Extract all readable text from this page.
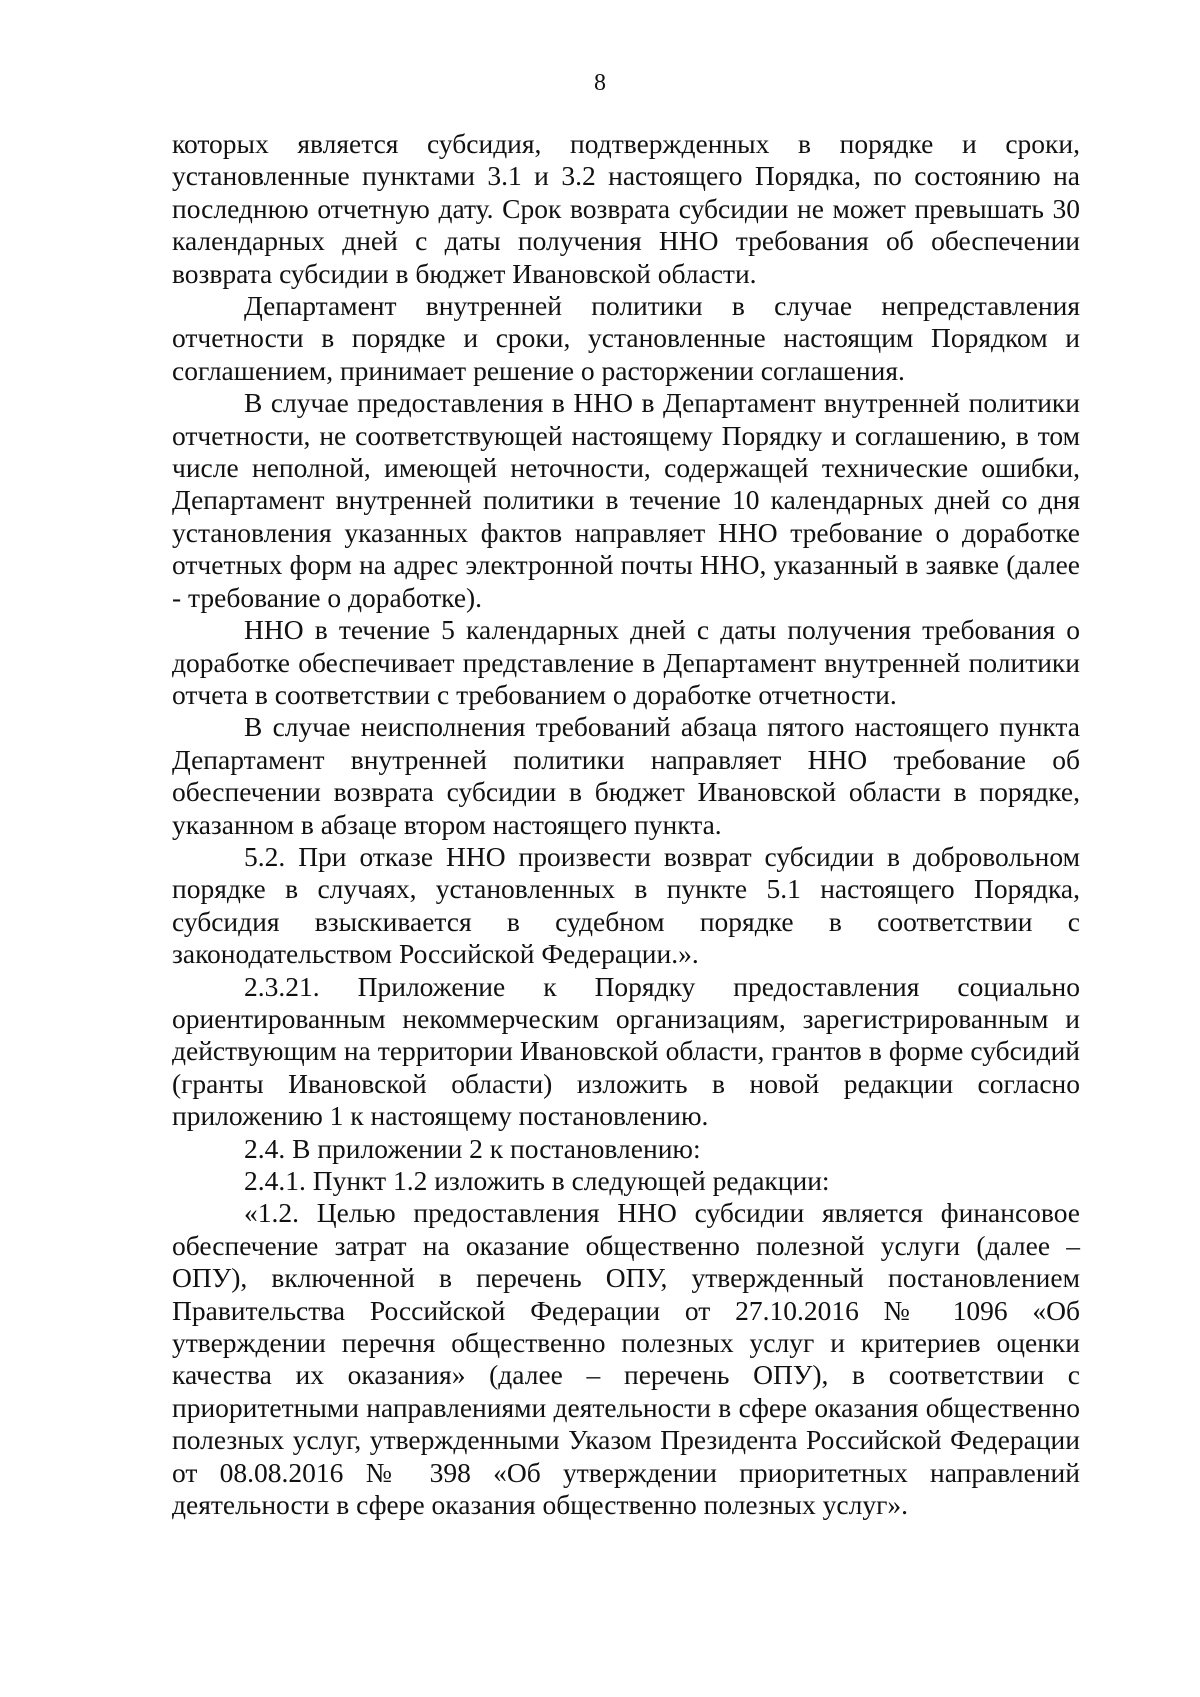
8

которых является субсидия, подтвержденных в порядке и сроки, установленные пунктами 3.1 и 3.2 настоящего Порядка, по состоянию на последнюю отчетную дату. Срок возврата субсидии не может превышать 30 календарных дней с даты получения ННО требования об обеспечении возврата субсидии в бюджет Ивановской области.

Департамент внутренней политики в случае непредставления отчетности в порядке и сроки, установленные настоящим Порядком и соглашением, принимает решение о расторжении соглашения.

В случае предоставления в ННО в Департамент внутренней политики отчетности, не соответствующей настоящему Порядку и соглашению, в том числе неполной, имеющей неточности, содержащей технические ошибки, Департамент внутренней политики в течение 10 календарных дней со дня установления указанных фактов направляет ННО требование о доработке отчетных форм на адрес электронной почты ННО, указанный в заявке (далее - требование о доработке).

ННО в течение 5 календарных дней с даты получения требования о доработке обеспечивает представление в Департамент внутренней политики отчета в соответствии с требованием о доработке отчетности.

В случае неисполнения требований абзаца пятого настоящего пункта Департамент внутренней политики направляет ННО требование об обеспечении возврата субсидии в бюджет Ивановской области в порядке, указанном в абзаце втором настоящего пункта.

5.2. При отказе ННО произвести возврат субсидии в добровольном порядке в случаях, установленных в пункте 5.1 настоящего Порядка, субсидия взыскивается в судебном порядке в соответствии с законодательством Российской Федерации.».

2.3.21. Приложение к Порядку предоставления социально ориентированным некоммерческим организациям, зарегистрированным и действующим на территории Ивановской области, грантов в форме субсидий (гранты Ивановской области) изложить в новой редакции согласно приложению 1 к настоящему постановлению.

2.4. В приложении 2 к постановлению:

2.4.1. Пункт 1.2 изложить в следующей редакции:

«1.2. Целью предоставления ННО субсидии является финансовое обеспечение затрат на оказание общественно полезной услуги (далее – ОПУ), включенной в перечень ОПУ, утвержденный постановлением Правительства Российской Федерации от 27.10.2016 № 1096 «Об утверждении перечня общественно полезных услуг и критериев оценки качества их оказания» (далее – перечень ОПУ), в соответствии с приоритетными направлениями деятельности в сфере оказания общественно полезных услуг, утвержденными Указом Президента Российской Федерации от 08.08.2016 № 398 «Об утверждении приоритетных направлений деятельности в сфере оказания общественно полезных услуг».
